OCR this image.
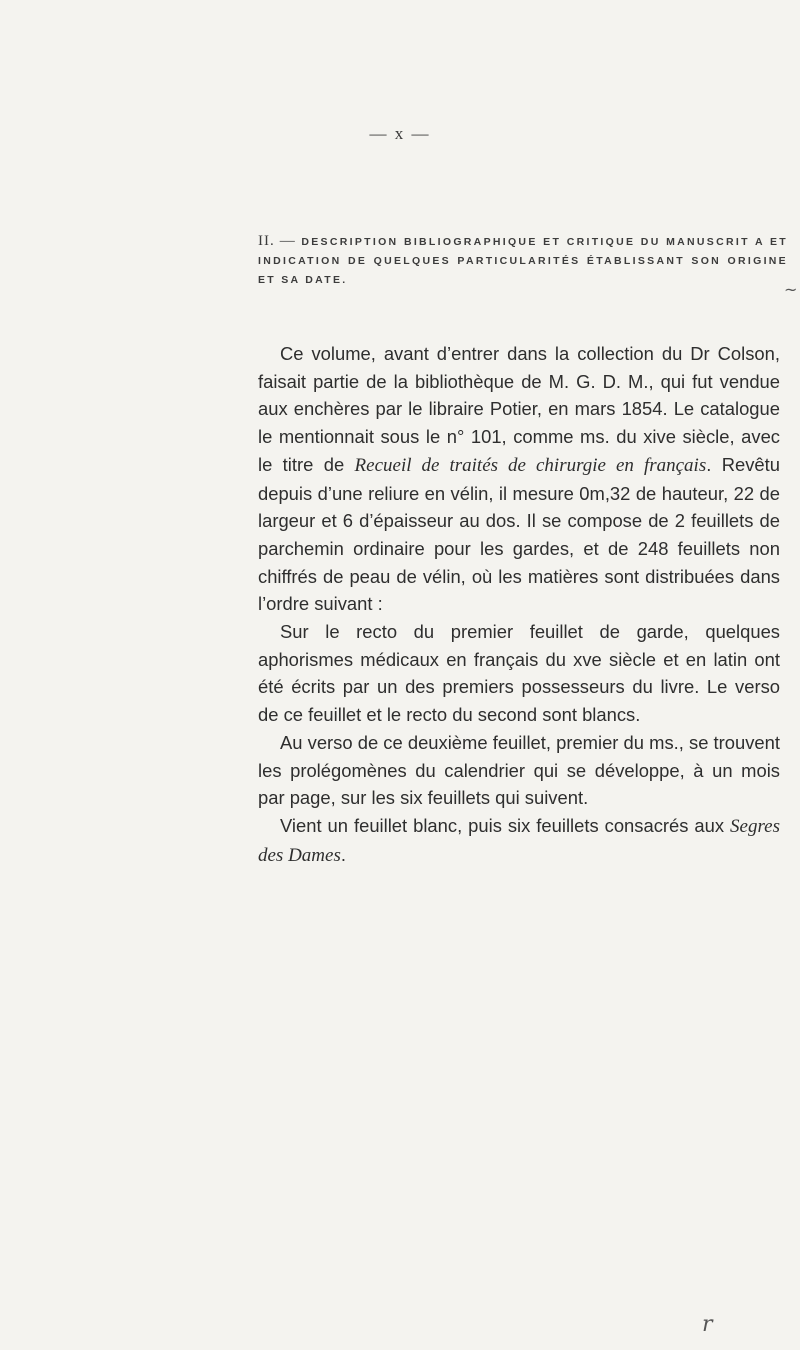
— x —
II. — DESCRIPTION BIBLIOGRAPHIQUE ET CRITIQUE DU MANUSCRIT A ET INDICATION DE QUELQUES PARTICULARITÉS ÉTABLISSANT SON ORIGINE ET SA DATE.	~

Ce volume, avant d’entrer dans la collection du Dr Colson, faisait partie de la bibliothèque de M. G. D. M., qui fut vendue aux enchères par le libraire Potier, en mars 1854. Le catalogue le mentionnait sous le n° 101, comme ms. du xive siècle, avec le titre de Recueil de traités de chirurgie en français. Revêtu depuis d’une reliure en vélin, il mesure 0m,32 de hauteur, 22 de largeur et 6 d’épaisseur au dos. Il se compose de 2 feuillets de parchemin ordinaire pour les gardes, et de 248 feuillets non chiffrés de peau de vélin, où les matières sont distribuées dans l’ordre suivant :

Sur le recto du premier feuillet de garde, quelques aphorismes médicaux en français du xve siècle et en latin ont été écrits par un des premiers possesseurs du livre. Le verso de ce feuillet et le recto du second sont blancs.

Au verso de ce deuxième feuillet, premier du ms., se trouvent les prolégomènes du calendrier qui se développe, à un mois par page, sur les six feuillets qui suivent.

Vient un feuillet blanc, puis six feuillets consacrés aux Segres des Dames.

r
